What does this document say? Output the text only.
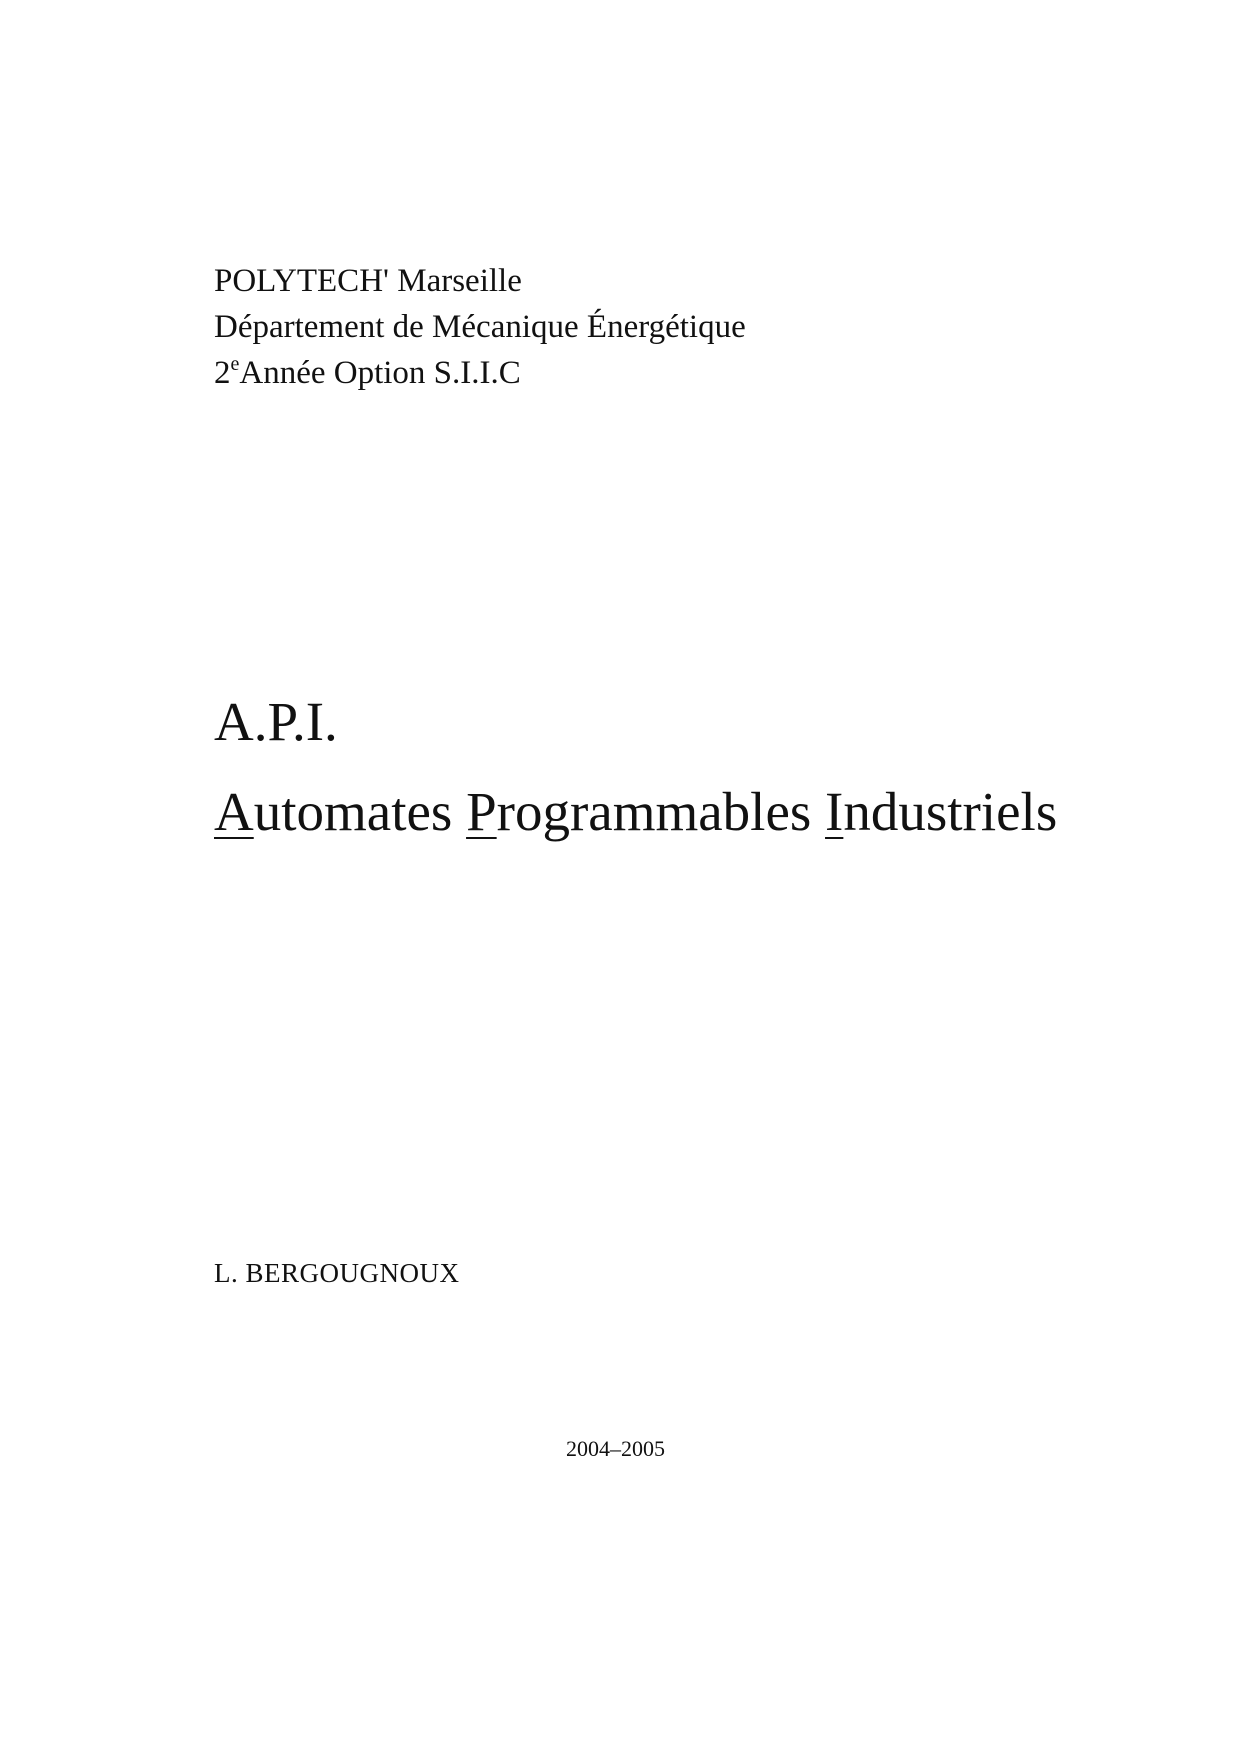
POLYTECH' Marseille
Département de Mécanique Énergétique
2eAnnée Option S.I.I.C
A.P.I.
Automates Programmables Industriels
L. BERGOUGNOUX
2004–2005
